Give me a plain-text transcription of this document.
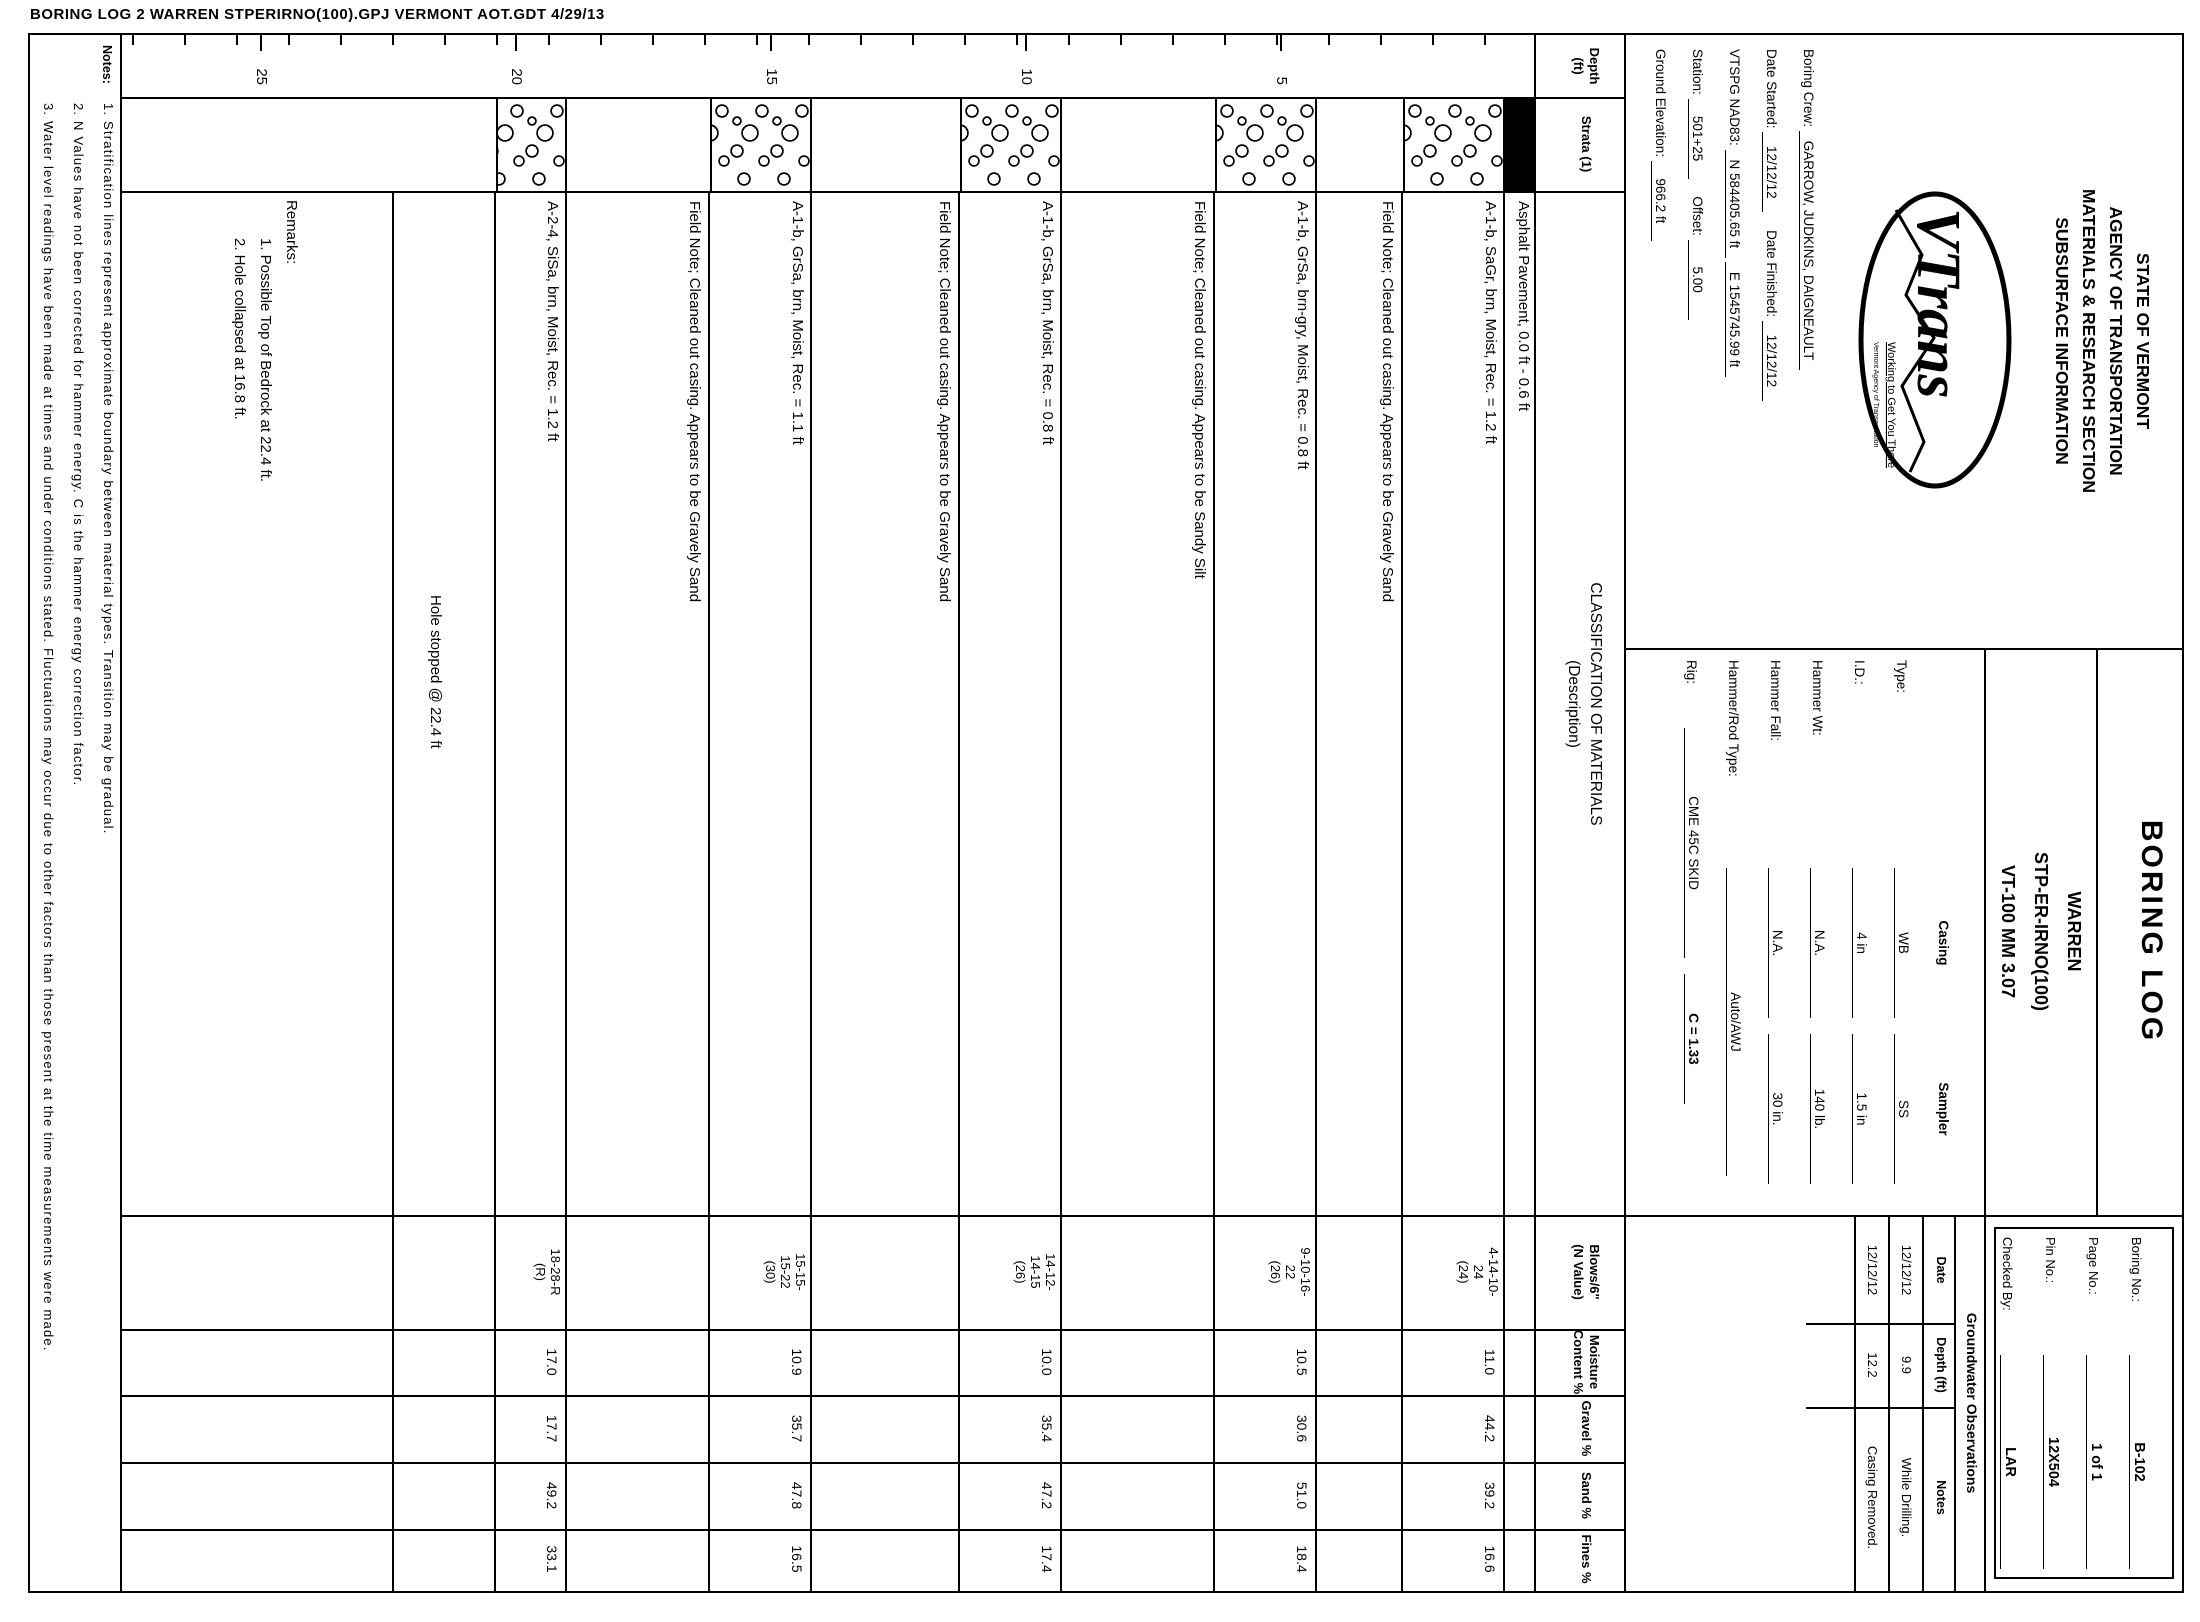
BORING LOG 2 WARREN STPERIRNO(100).GPJ VERMONT AOT.GDT 4/29/13
STATE OF VERMONT
AGENCY OF TRANSPORTATION
MATERIALS & RESEARCH SECTION
SUBSURFACE INFORMATION
VTrans
Working to Get You There
Vermont Agency of Transportation
Boring Crew: GARROW, JUDKINS, DAIGNEAULT
Date Started: 12/12/12 Date Finished: 12/12/12
VTSPG NAD83: N 584405.65 ft E 1545745.99 ft
Station: 501+25 Offset: 5.00
Ground Elevation: 966.2 ft
BORING LOG
WARREN
STP-ER-IRNO(100)
VT-100 MM 3.07
Casing
Sampler
Type:
WB
SS
I.D.:
4 in
1.5 in
Hammer Wt:
N.A.
140 lb.
Hammer Fall:
N.A.
30 in.
Hammer/Rod Type:
Auto/AWJ
Rig:
CME 45C SKID
C = 1.33
Boring No.:
B-102
Page No.:
1 of 1
Pin No.:
12X504
Checked By:
LAR
Groundwater Observations
Date
Depth (ft)
Notes
12/12/12
9.9
While Drilling.
12/12/12
12.2
Casing Removed.
Depth
(ft)
Strata (1)
CLASSIFICATION OF MATERIALS
(Description)
Blows/6"
(N Value)
Moisture
Content %
Gravel %
Sand %
Fines %
5
10
15
20
25
Asphalt Pavement, 0.0 ft - 0.6 ft
A-1-b, SaGr, brn, Moist, Rec. = 1.2 ft
Field Note; Cleaned out casing. Appears to be Gravely Sand
A-1-b, GrSa, brn-gry, Moist, Rec. = 0.8 ft
Field Note; Cleaned out casing. Appears to be Sandy Silt
A-1-b, GrSa, brn, Moist, Rec. = 0.8 ft
Field Note; Cleaned out casing. Appears to be Gravely Sand
A-1-b, GrSa, brn, Moist, Rec. = 1.1 ft
Field Note; Cleaned out casing. Appears to be Gravely Sand
A-2-4, SiSa, brn, Moist, Rec. = 1.2 ft
Hole stopped @ 22.4 ft
Remarks:
1. Possible Top of Bedrock at 22.4 ft.
2. Hole collapsed at 16.8 ft.
4-14-10-
24
(24)
11.0
44.2
39.2
16.6
9-10-16-
22
(26)
10.5
30.6
51.0
18.4
14-12-
14-15
(26)
10.0
35.4
47.2
17.4
15-15-
15-22
(30)
10.9
35.7
47.8
16.5
18-28-R
(R)
17.0
17.7
49.2
33.1
Notes:
1. Stratification lines represent approximate boundary between material types. Transition may be gradual.
2. N Values have not been corrected for hammer energy. C is the hammer energy correction factor.
3. Water level readings have been made at times and under conditions stated. Fluctuations may occur due to other factors than those present at the time measurements were made.
